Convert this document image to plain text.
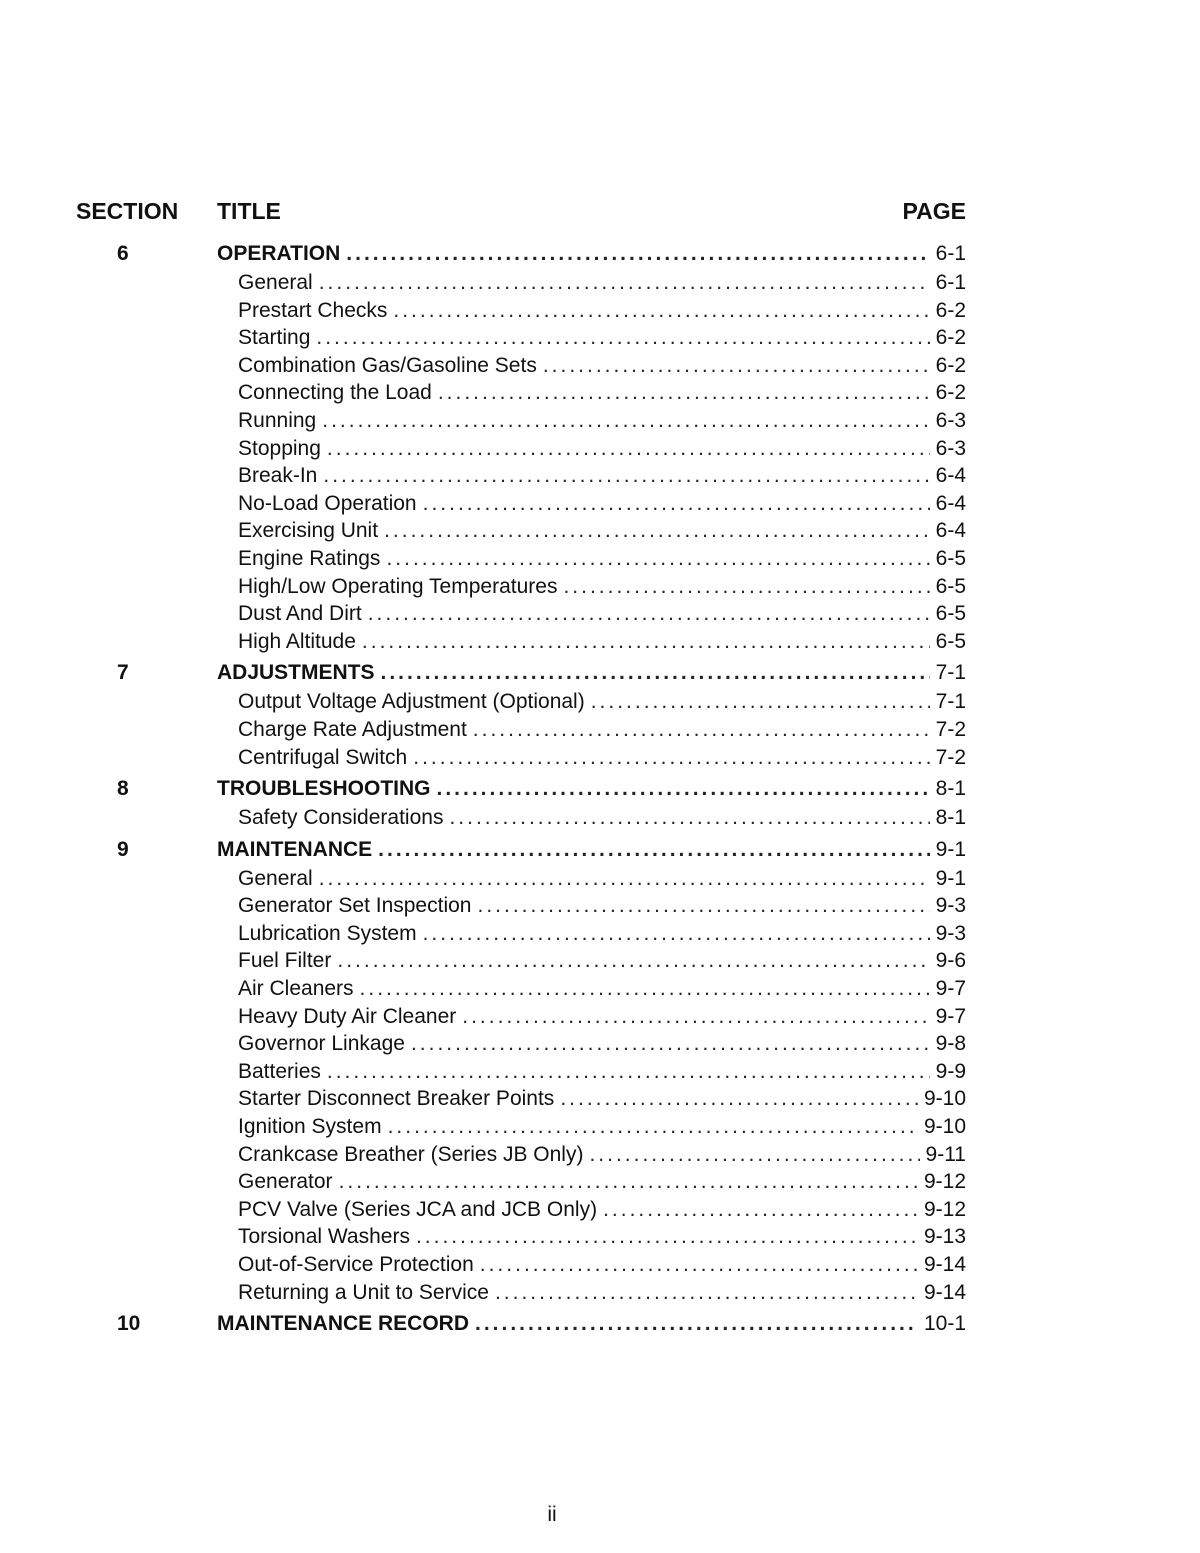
SECTION TITLE	PAGE
6	OPERATION .....	6-1
General .....	6-1
Prestart Checks .....	6-2
Starting .....	6-2
Combination Gas/Gasoline Sets .....	6-2
Connecting the Load .....	6-2
Running .....	6-3
Stopping .....	6-3
Break-In .....	6-4
No-Load Operation .....	6-4
Exercising Unit .....	6-4
Engine Ratings .....	6-5
High/Low Operating Temperatures .....	6-5
Dust And Dirt .....	6-5
High Altitude .....	6-5
7	ADJUSTMENTS .....	7-1
Output Voltage Adjustment (Optional) .....	7-1
Charge Rate Adjustment .....	7-2
Centrifugal Switch .....	7-2
8	TROUBLESHOOTING .....	8-1
Safety Considerations .....	8-1
9	MAINTENANCE .....	9-1
General .....	9-1
Generator Set Inspection .....	9-3
Lubrication System .....	9-3
Fuel Filter .....	9-6
Air Cleaners .....	9-7
Heavy Duty Air Cleaner .....	9-7
Governor Linkage .....	9-8
Batteries .....	9-9
Starter Disconnect Breaker Points .....	9-10
Ignition System .....	9-10
Crankcase Breather (Series JB Only) .....	9-11
Generator .....	9-12
PCV Valve (Series JCA and JCB Only) .....	9-12
Torsional Washers .....	9-13
Out-of-Service Protection .....	9-14
Returning a Unit to Service .....	9-14
10	MAINTENANCE RECORD .....	10-1
ii
